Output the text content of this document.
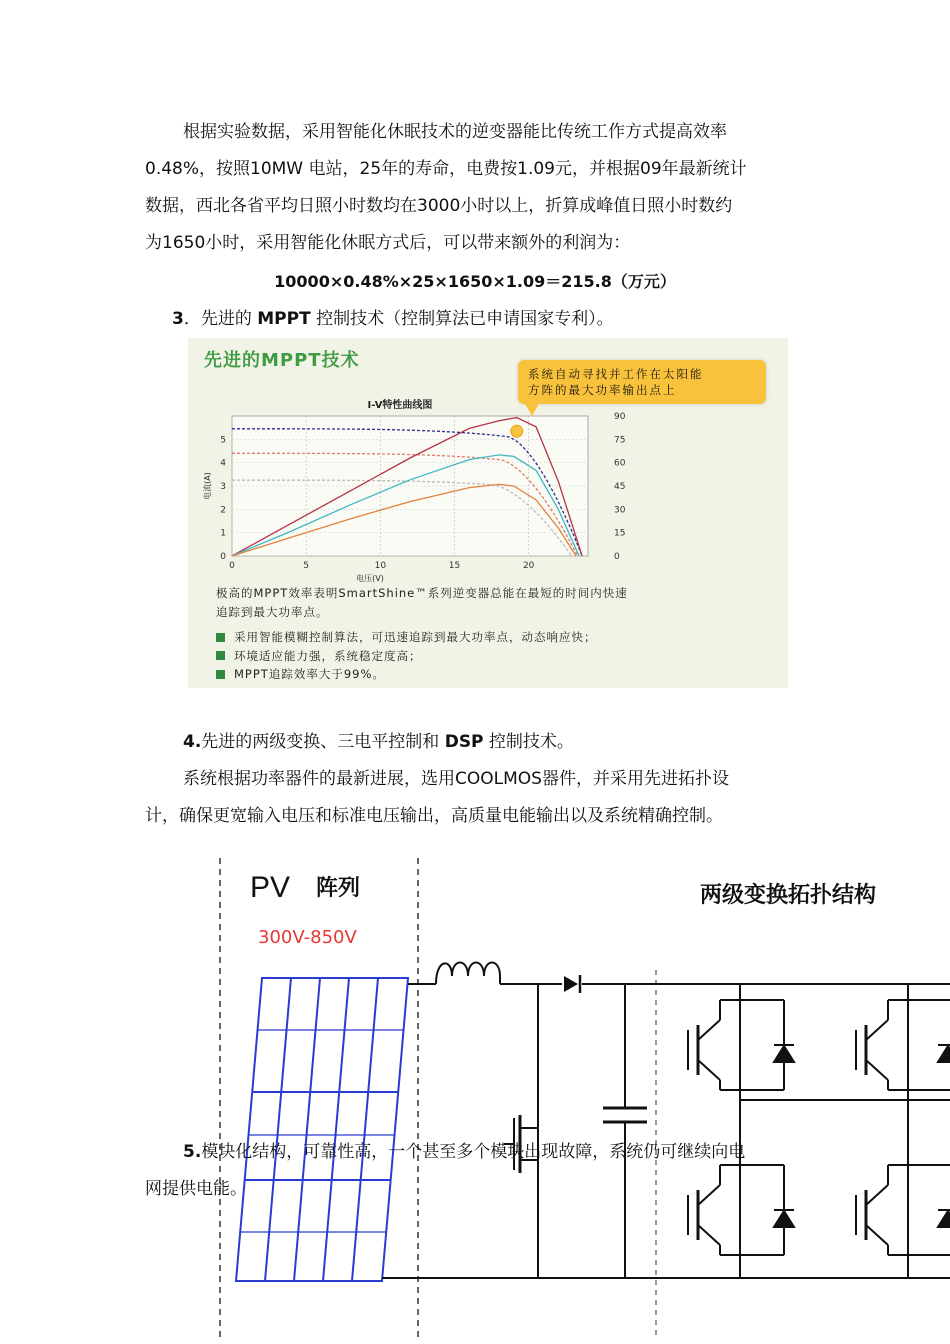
根据实验数据，采用智能化休眠技术的逆变器能比传统工作方式提高效率
0.48%，按照10MW 电站，25年的寿命，电费按1.09元，并根据09年最新统计
数据，西北各省平均日照小时数均在3000小时以上，折算成峰值日照小时数约
为1650小时，采用智能化休眠方式后，可以带来额外的利润为：
10000×0.48%×25×1650×1.09＝215.8（万元）
3．先进的 MPPT 控制技术（控制算法已申请国家专利）。
0	5	10	15	20
0
1
2
3
4
5
0
15
30
45
60
75
90
I-V特性曲线图
电压(V)
电流(A)
先进的MPPT技术
系统自动寻找并工作在太阳能
方阵的最大功率输出点上
极高的MPPT效率表明SmartShine™系列逆变器总能在最短的时间内快速
追踪到最大功率点。
采用智能模糊控制算法，可迅速追踪到最大功率点，动态响应快；
环境适应能力强，系统稳定度高；
MPPT追踪效率大于99%。
4.先进的两级变换、三电平控制和 DSP 控制技术。
系统根据功率器件的最新进展，选用COOLMOS器件，并采用先进拓扑设
计，确保更宽输入电压和标准电压输出，高质量电能输出以及系统精确控制。
PV 阵列
300V-850V
两级变换拓扑结构
5.模块化结构，可靠性高，一个甚至多个模块出现故障，系统仍可继续向电
网提供电能。
